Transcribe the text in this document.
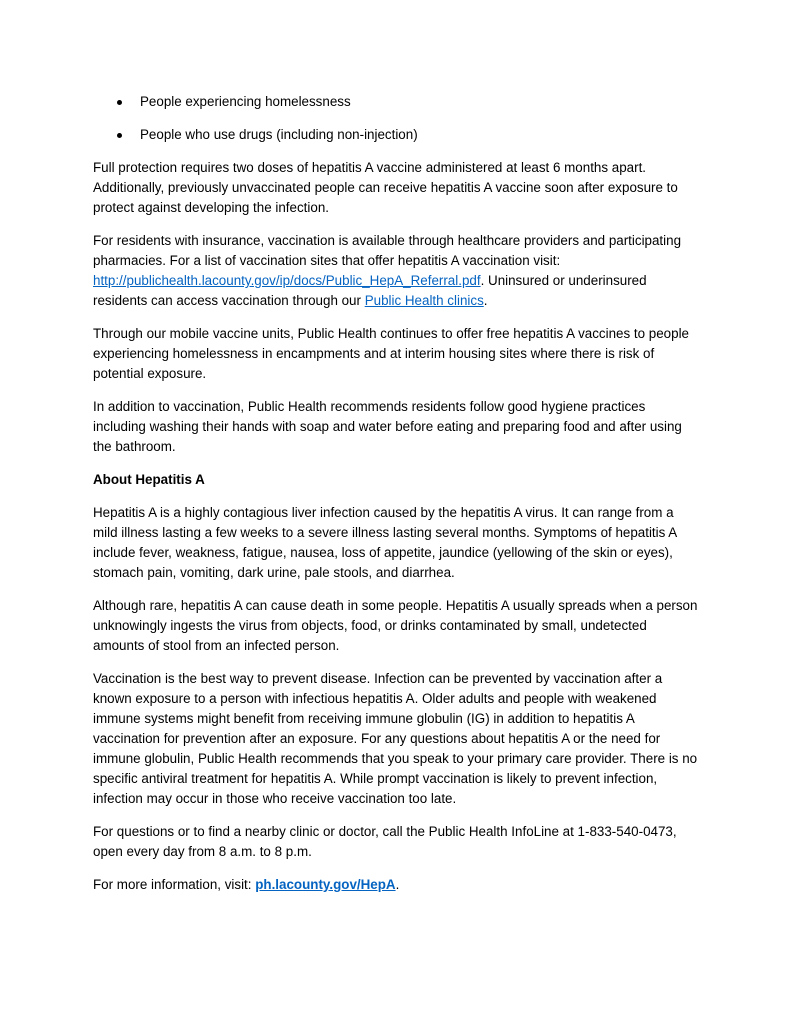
People experiencing homelessness
People who use drugs (including non-injection)

Full protection requires two doses of hepatitis A vaccine administered at least 6 months apart. Additionally, previously unvaccinated people can receive hepatitis A vaccine soon after exposure to protect against developing the infection.

For residents with insurance, vaccination is available through healthcare providers and participating pharmacies. For a list of vaccination sites that offer hepatitis A vaccination visit: http://publichealth.lacounty.gov/ip/docs/Public_HepA_Referral.pdf. Uninsured or underinsured residents can access vaccination through our Public Health clinics.

Through our mobile vaccine units, Public Health continues to offer free hepatitis A vaccines to people experiencing homelessness in encampments and at interim housing sites where there is risk of potential exposure.

In addition to vaccination, Public Health recommends residents follow good hygiene practices including washing their hands with soap and water before eating and preparing food and after using the bathroom.

About Hepatitis A

Hepatitis A is a highly contagious liver infection caused by the hepatitis A virus. It can range from a mild illness lasting a few weeks to a severe illness lasting several months. Symptoms of hepatitis A include fever, weakness, fatigue, nausea, loss of appetite, jaundice (yellowing of the skin or eyes), stomach pain, vomiting, dark urine, pale stools, and diarrhea.

Although rare, hepatitis A can cause death in some people. Hepatitis A usually spreads when a person unknowingly ingests the virus from objects, food, or drinks contaminated by small, undetected amounts of stool from an infected person.

Vaccination is the best way to prevent disease. Infection can be prevented by vaccination after a known exposure to a person with infectious hepatitis A. Older adults and people with weakened immune systems might benefit from receiving immune globulin (IG) in addition to hepatitis A vaccination for prevention after an exposure. For any questions about hepatitis A or the need for immune globulin, Public Health recommends that you speak to your primary care provider. There is no specific antiviral treatment for hepatitis A. While prompt vaccination is likely to prevent infection, infection may occur in those who receive vaccination too late.

For questions or to find a nearby clinic or doctor, call the Public Health InfoLine at 1-833-540-0473, open every day from 8 a.m. to 8 p.m.

For more information, visit: ph.lacounty.gov/HepA.
